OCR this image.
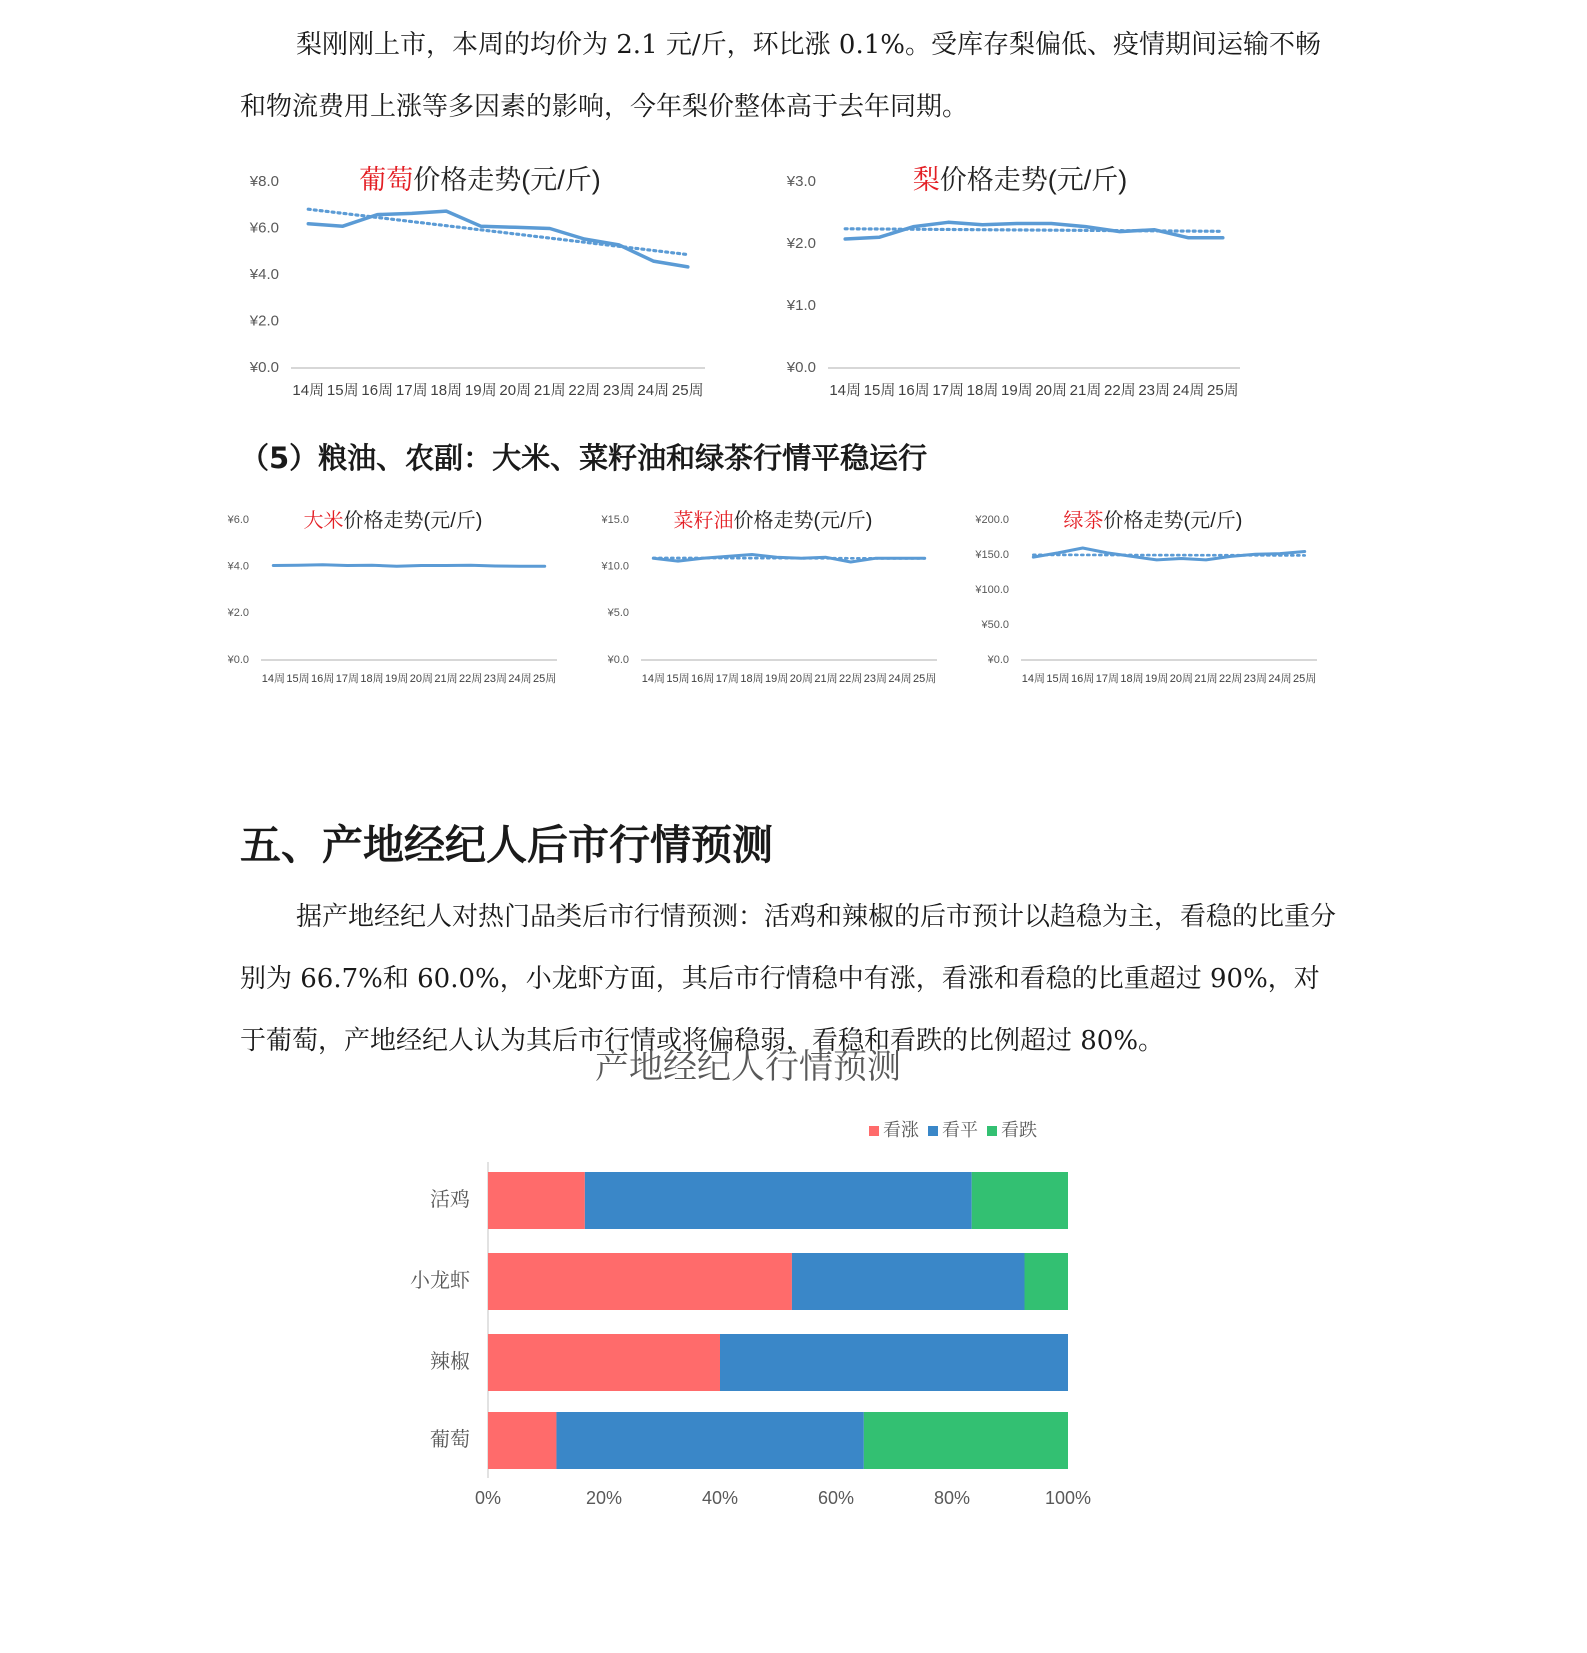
梨刚刚上市，本周的均价为 2.1 元/斤，环比涨 0.1%。受库存梨偏低、疫情期间运输不畅和物流费用上涨等多因素的影响，今年梨价整体高于去年同期。

葡萄价格走势(元/斤)
¥0.0
¥2.0
¥4.0
¥6.0
¥8.0
14周 15周 16周 17周 18周 19周 20周 21周 22周 23周 24周 25周
梨价格走势(元/斤)
¥0.0
¥1.0
¥2.0
¥3.0
14周 15周 16周 17周 18周 19周 20周 21周 22周 23周 24周 25周

（5）粮油、农副：大米、菜籽油和绿茶行情平稳运行

大米价格走势(元/斤)
¥0.0
¥2.0
¥4.0
¥6.0
14周 15周 16周 17周 18周 19周 20周 21周 22周 23周 24周 25周
菜籽油价格走势(元/斤)
¥0.0
¥5.0
¥10.0
¥15.0
14周 15周 16周 17周 18周 19周 20周 21周 22周 23周 24周 25周
绿茶价格走势(元/斤)
¥0.0
¥50.0
¥100.0
¥150.0
¥200.0
14周 15周 16周 17周 18周 19周 20周 21周 22周 23周 24周 25周
五、产地经纪人后市行情预测

据产地经纪人对热门品类后市行情预测：活鸡和辣椒的后市预计以趋稳为主，看稳的比重分别为 66.7%和 60.0%，小龙虾方面，其后市行情稳中有涨，看涨和看稳的比重超过 90%，对于葡萄，产地经纪人认为其后市行情或将偏稳弱，看稳和看跌的比例超过 80%。

产地经纪人行情预测
看涨 看平 看跌
活鸡
小龙虾
辣椒
葡萄
0%	20%	40%	60%	80%	100%
